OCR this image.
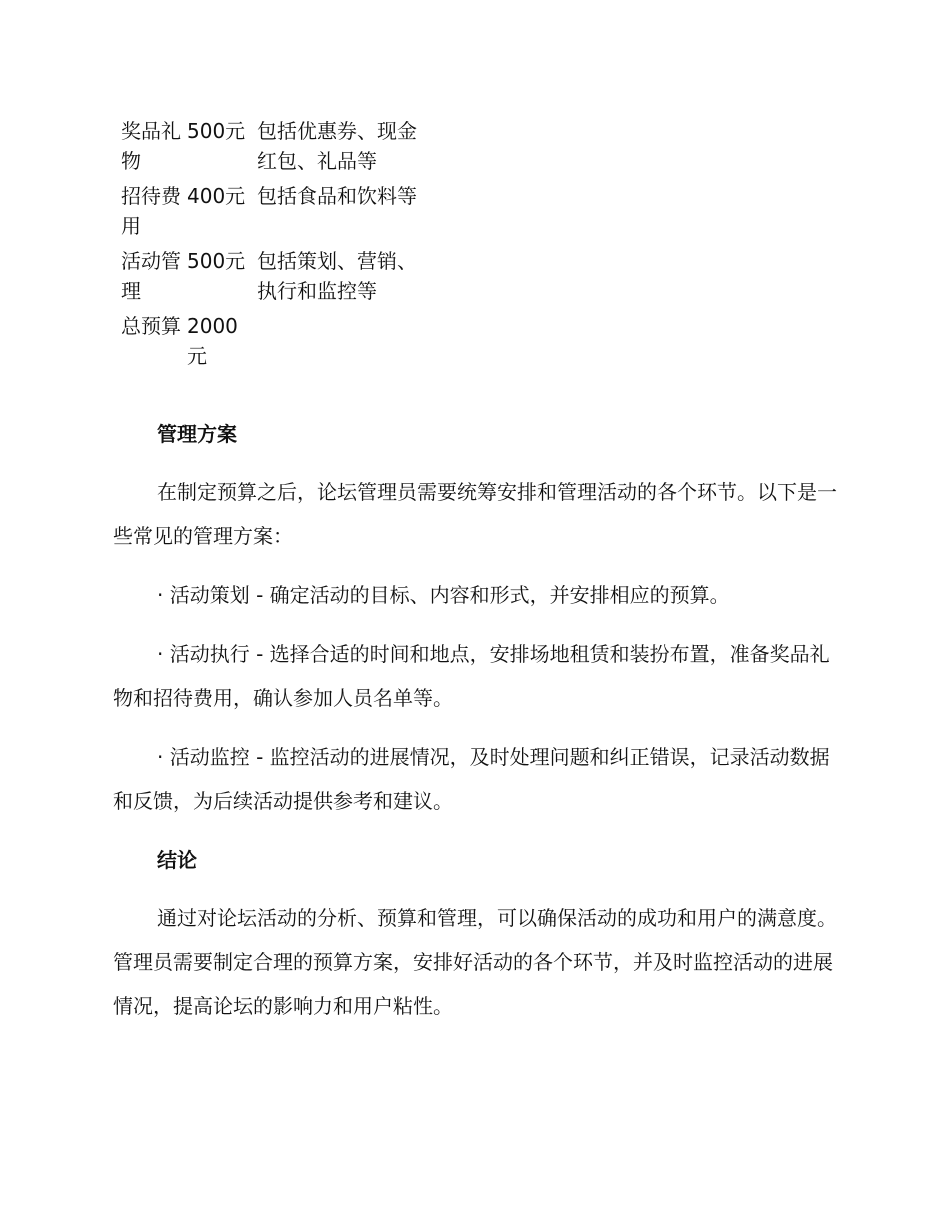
奖品礼物	500元	包括优惠券、现金红包、礼品等
招待费用	400元	包括食品和饮料等
活动管理	500元	包括策划、营销、执行和监控等
总预算	2000元	
管理方案

在制定预算之后，论坛管理员需要统筹安排和管理活动的各个环节。以下是一些常见的管理方案：

· 活动策划 - 确定活动的目标、内容和形式，并安排相应的预算。

· 活动执行 - 选择合适的时间和地点，安排场地租赁和装扮布置，准备奖品礼物和招待费用，确认参加人员名单等。

· 活动监控 - 监控活动的进展情况，及时处理问题和纠正错误，记录活动数据和反馈，为后续活动提供参考和建议。

结论

通过对论坛活动的分析、预算和管理，可以确保活动的成功和用户的满意度。管理员需要制定合理的预算方案，安排好活动的各个环节，并及时监控活动的进展情况，提高论坛的影响力和用户粘性。
